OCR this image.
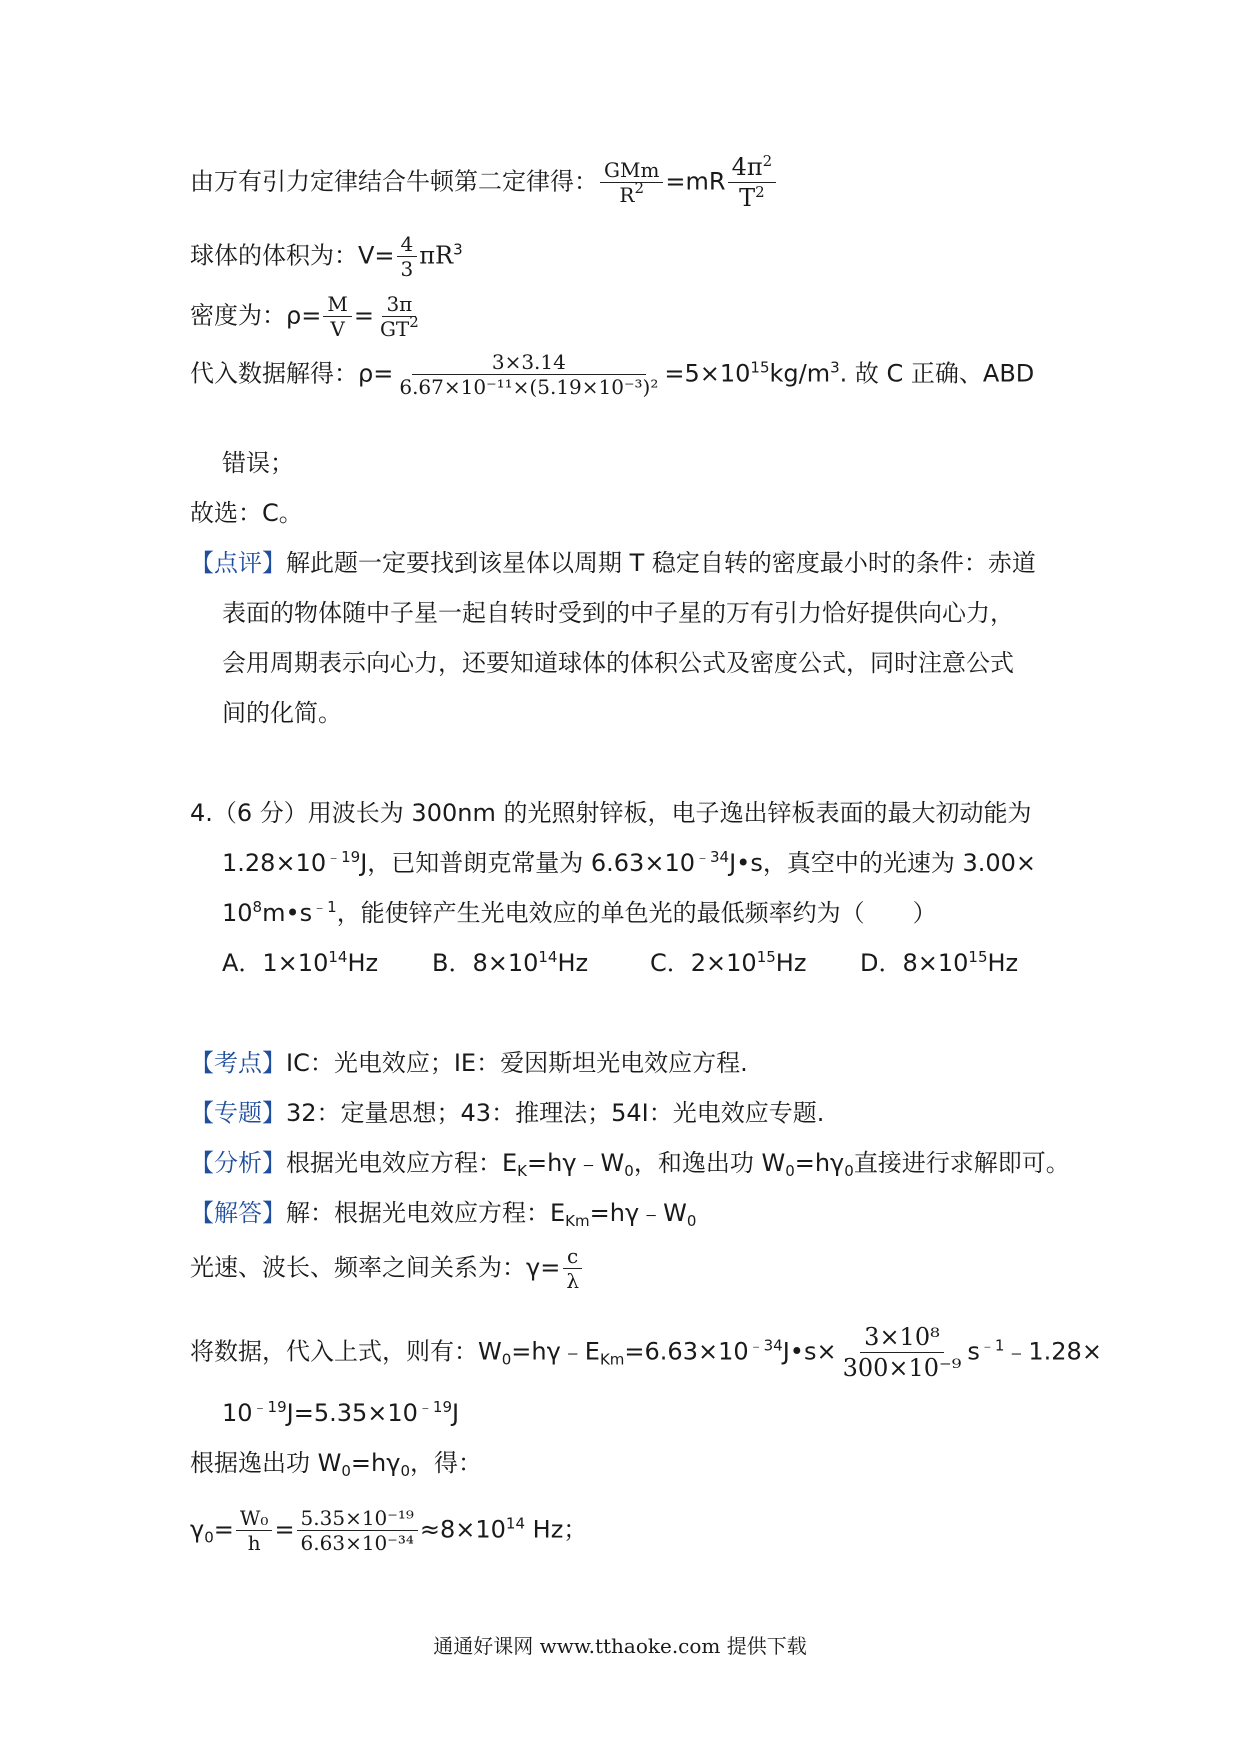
由万有引力定律结合牛顿第二定律得： $\frac{\text{GMm}}{R^2} =mR \frac{4\pi^2}{T^2}$
球体的体积为：$V= \frac{4}{3} \pi R^3$
密度为：$\rho= \frac{M}{V} = \frac{3\pi}{GT^2}$
代入数据解得：$\rho= \frac{3\times 3.14}{\text{6.67×10⁻¹¹×(5.19×10⁻³)²}} =5\times 10^{15}kg/m^3$. 故 C 正确、ABD
错误；
故选：C。
【点评】解此题一定要找到该星体以周期 T 稳定自转的密度最小时的条件：赤道
表面的物体随中子星一起自转时受到的中子星的万有引力恰好提供向心力，
会用周期表示向心力，还要知道球体的体积公式及密度公式，同时注意公式
间的化简。
4.（6 分）用波长为 300nm 的光照射锌板，电子逸出锌板表面的最大初动能为
$1.28\times 10^{﹣19}J$，已知普朗克常量为 $6.63\times 10^{﹣34}J•s$，真空中的光速为 3.00×
$10^8m•s^{﹣1}$，能使锌产生光电效应的单色光的最低频率约为（　　）
A．$1\times 10^{14}Hz$ B．$8\times 10^{14}Hz$	C．$2\times 10^{15}Hz$ D．$8\times 10^{15}Hz$
【考点】IC：光电效应；IE：爱因斯坦光电效应方程.
【专题】32：定量思想；43：推理法；54I：光电效应专题.
【分析】根据光电效应方程：$E_K=h\gamma﹣W_0$，和逸出功 $W_0=h\gamma_0$直接进行求解即可。
【解答】解：根据光电效应方程：$E_{Km}=h\gamma﹣W_0$
光速、波长、频率之间关系为：$\gamma= \frac{c}{\lambda}$
将数据，代入上式，则有：$W_0=h\gamma﹣E_{Km}=6.63\times 10^{﹣34}J•s\times \frac{\text{3×10⁸}}{\text{300×10⁻⁹}}$ $s^{﹣1}﹣1.28\times$
$10^{﹣19}J=5.35\times 10^{﹣19}J$
根据逸出功 $W_0=h\gamma_0$，得：
$\gamma_0= \frac{\text{W₀}}{h} = \frac{\text{5.35×10⁻¹⁹}}{\text{6.63×10⁻³⁴}} \approx 8\times 10^{14}$ Hz；
通通好课网 www.tthaoke.com 提供下载
